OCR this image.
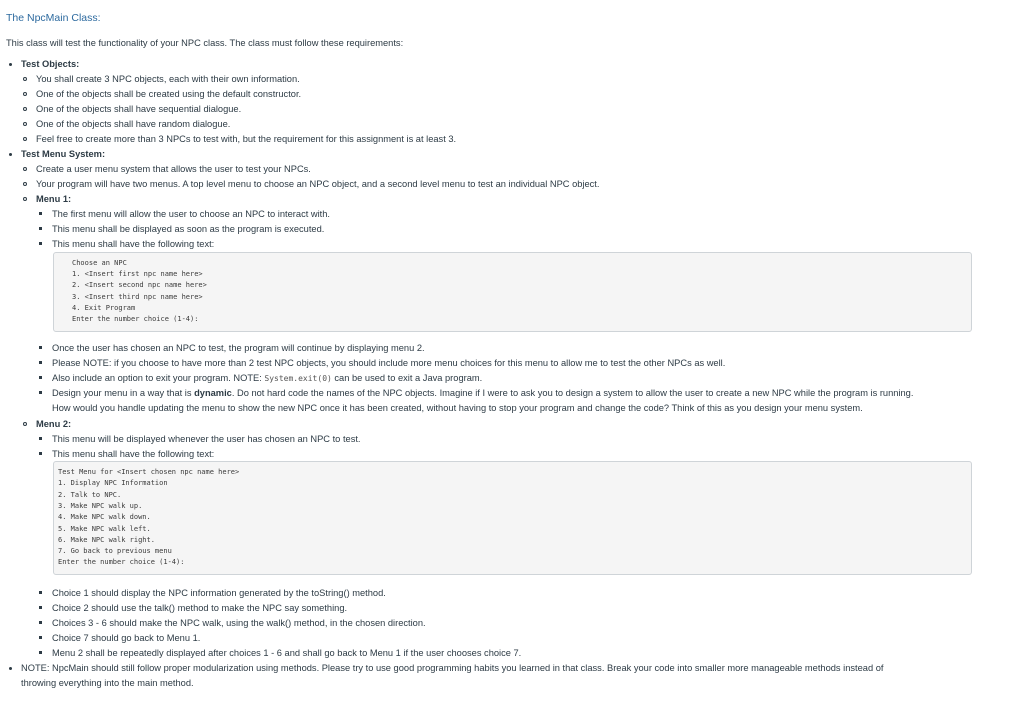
The NpcMain Class:
This class will test the functionality of your NPC class. The class must follow these requirements:
Test Objects:
You shall create 3 NPC objects, each with their own information.
One of the objects shall be created using the default constructor.
One of the objects shall have sequential dialogue.
One of the objects shall have random dialogue.
Feel free to create more than 3 NPCs to test with, but the requirement for this assignment is at least 3.
Test Menu System:
Create a user menu system that allows the user to test your NPCs.
Your program will have two menus. A top level menu to choose an NPC object, and a second level menu to test an individual NPC object.
Menu 1:
The first menu will allow the user to choose an NPC to interact with.
This menu shall be displayed as soon as the program is executed.
This menu shall have the following text:
Choose an NPC
1. <Insert first npc name here>
2. <Insert second npc name here>
3. <Insert third npc name here>
4. Exit Program
Enter the number choice (1-4):
Once the user has chosen an NPC to test, the program will continue by displaying menu 2.
Please NOTE: if you choose to have more than 2 test NPC objects, you should include more menu choices for this menu to allow me to test the other NPCs as well.
Also include an option to exit your program. NOTE: System.exit(0) can be used to exit a Java program.
Design your menu in a way that is dynamic. Do not hard code the names of the NPC objects. Imagine if I were to ask you to design a system to allow the user to create a new NPC while the program is running.
How would you handle updating the menu to show the new NPC once it has been created, without having to stop your program and change the code? Think of this as you design your menu system.
Menu 2:
This menu will be displayed whenever the user has chosen an NPC to test.
This menu shall have the following text:
Test Menu for <Insert chosen npc name here>
1. Display NPC Information
2. Talk to NPC.
3. Make NPC walk up.
4. Make NPC walk down.
5. Make NPC walk left.
6. Make NPC walk right.
7. Go back to previous menu
Enter the number choice (1-4):
Choice 1 should display the NPC information generated by the toString() method.
Choice 2 should use the talk() method to make the NPC say something.
Choices 3 - 6 should make the NPC walk, using the walk() method, in the chosen direction.
Choice 7 should go back to Menu 1.
Menu 2 shall be repeatedly displayed after choices 1 - 6 and shall go back to Menu 1 if the user chooses choice 7.
NOTE: NpcMain should still follow proper modularization using methods. Please try to use good programming habits you learned in that class. Break your code into smaller more manageable methods instead of
throwing everything into the main method.
